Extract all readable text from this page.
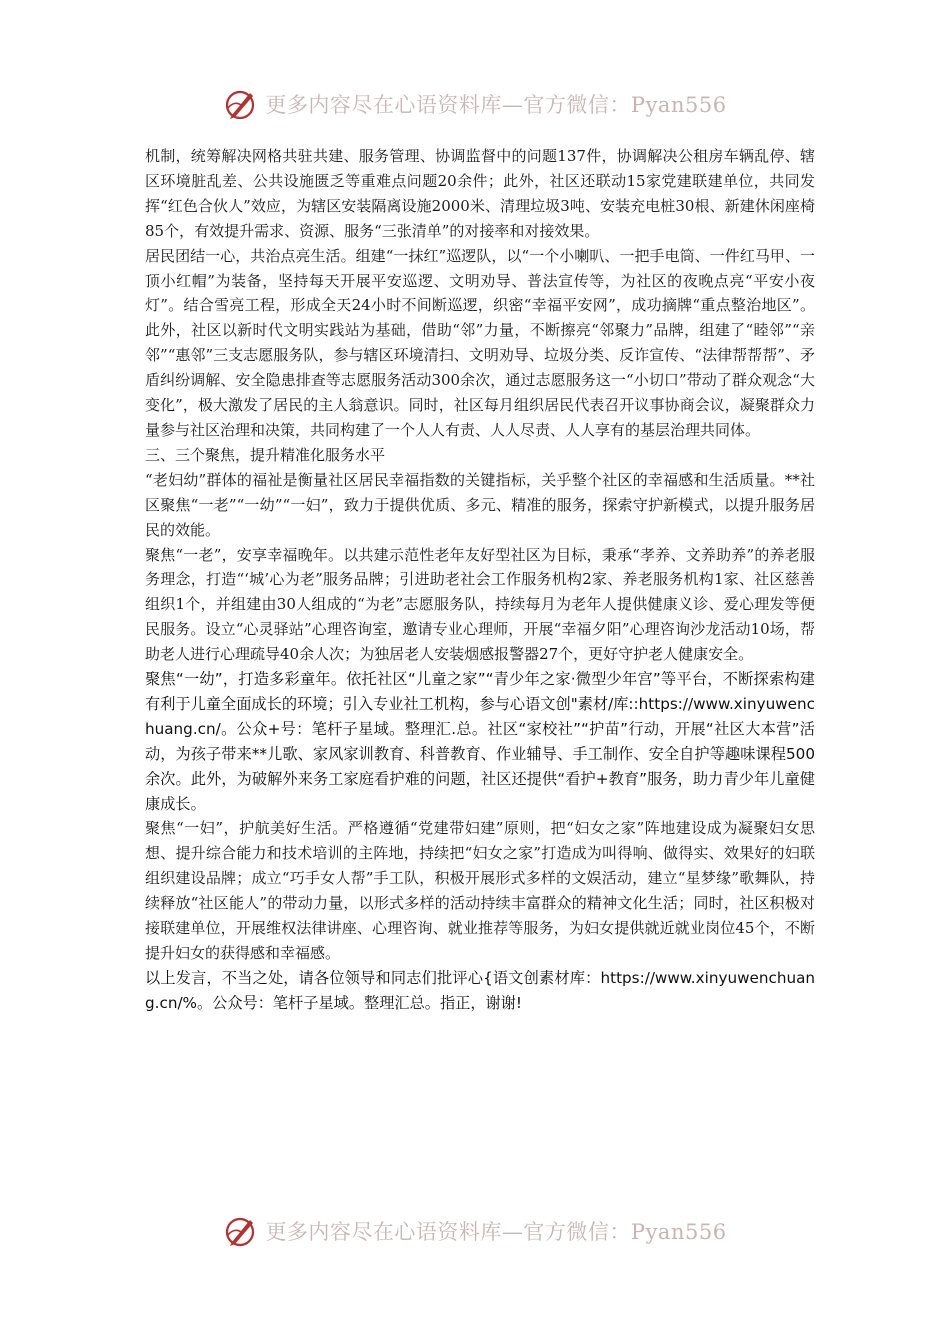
更多内容尽在心语资料库—官方微信：Pyan556

机制，统筹解决网格共驻共建、服务管理、协调监督中的问题137件，协调解决公租房车辆乱停、辖区环境脏乱差、公共设施匮乏等重难点问题20余件；此外，社区还联动15家党建联建单位，共同发挥“红色合伙人”效应，为辖区安装隔离设施2000米、清理垃圾3吨、安装充电桩30根、新建休闲座椅85个，有效提升需求、资源、服务“三张清单”的对接率和对接效果。

居民团结一心，共治点亮生活。组建“一抹红”巡逻队，以“一个小喇叭、一把手电筒、一件红马甲、一顶小红帽”为装备，坚持每天开展平安巡逻、文明劝导、普法宣传等，为社区的夜晚点亮“平安小夜灯”。结合雪亮工程，形成全天24小时不间断巡逻，织密“幸福平安网”，成功摘牌“重点整治地区”。此外，社区以新时代文明实践站为基础，借助“邻”力量，不断擦亮“邻聚力”品牌，组建了“睦邻”“亲邻”“惠邻”三支志愿服务队，参与辖区环境清扫、文明劝导、垃圾分类、反诈宣传、“法律帮帮帮”、矛盾纠纷调解、安全隐患排查等志愿服务活动300余次，通过志愿服务这一“小切口”带动了群众观念“大变化”，极大激发了居民的主人翁意识。同时，社区每月组织居民代表召开议事协商会议，凝聚群众力量参与社区治理和决策，共同构建了一个人人有责、人人尽责、人人享有的基层治理共同体。

三、三个聚焦，提升精准化服务水平

“老妇幼”群体的福祉是衡量社区居民幸福指数的关键指标，关乎整个社区的幸福感和生活质量。**社区聚焦“一老”“一幼”“一妇”，致力于提供优质、多元、精准的服务，探索守护新模式，以提升服务居民的效能。

聚焦“一老”，安享幸福晚年。以共建示范性老年友好型社区为目标，秉承“孝养、文养助养”的养老服务理念，打造“‘城’心为老”服务品牌；引进助老社会工作服务机构2家、养老服务机构1家、社区慈善组织1个，并组建由30人组成的“为老”志愿服务队，持续每月为老年人提供健康义诊、爱心理发等便民服务。设立“心灵驿站”心理咨询室，邀请专业心理师，开展“幸福夕阳”心理咨询沙龙活动10场，帮助老人进行心理疏导40余人次；为独居老人安装烟感报警器27个，更好守护老人健康安全。

聚焦“一幼”，打造多彩童年。依托社区“儿童之家”“青少年之家·微型少年宫”等平台，不断探索构建有利于儿童全面成长的环境；引入专业社工机构，参与心语文创"素材/库::https://www.xinyuwenchuang.cn/。公众+号：笔杆子星域。整理汇.总。社区“家校社”“护苗”行动，开展“社区大本营”活动，为孩子带来**儿歌、家风家训教育、科普教育、作业辅导、手工制作、安全自护等趣味课程500余次。此外，为破解外来务工家庭看护难的问题，社区还提供“看护+教育”服务，助力青少年儿童健康成长。

聚焦“一妇”，护航美好生活。严格遵循“党建带妇建”原则，把“妇女之家”阵地建设成为凝聚妇女思想、提升综合能力和技术培训的主阵地，持续把“妇女之家”打造成为叫得响、做得实、效果好的妇联组织建设品牌；成立“巧手女人帮”手工队，积极开展形式多样的文娱活动，建立“星梦缘”歌舞队，持续释放“社区能人”的带动力量，以形式多样的活动持续丰富群众的精神文化生活；同时，社区积极对接联建单位，开展维权法律讲座、心理咨询、就业推荐等服务，为妇女提供就近就业岗位45个，不断提升妇女的获得感和幸福感。

以上发言，不当之处，请各位领导和同志们批评心{语文创素材库：https://www.xinyuwenchuang.cn/%。公众号：笔杆子星域。整理汇总。指正，谢谢!

更多内容尽在心语资料库—官方微信：Pyan556
